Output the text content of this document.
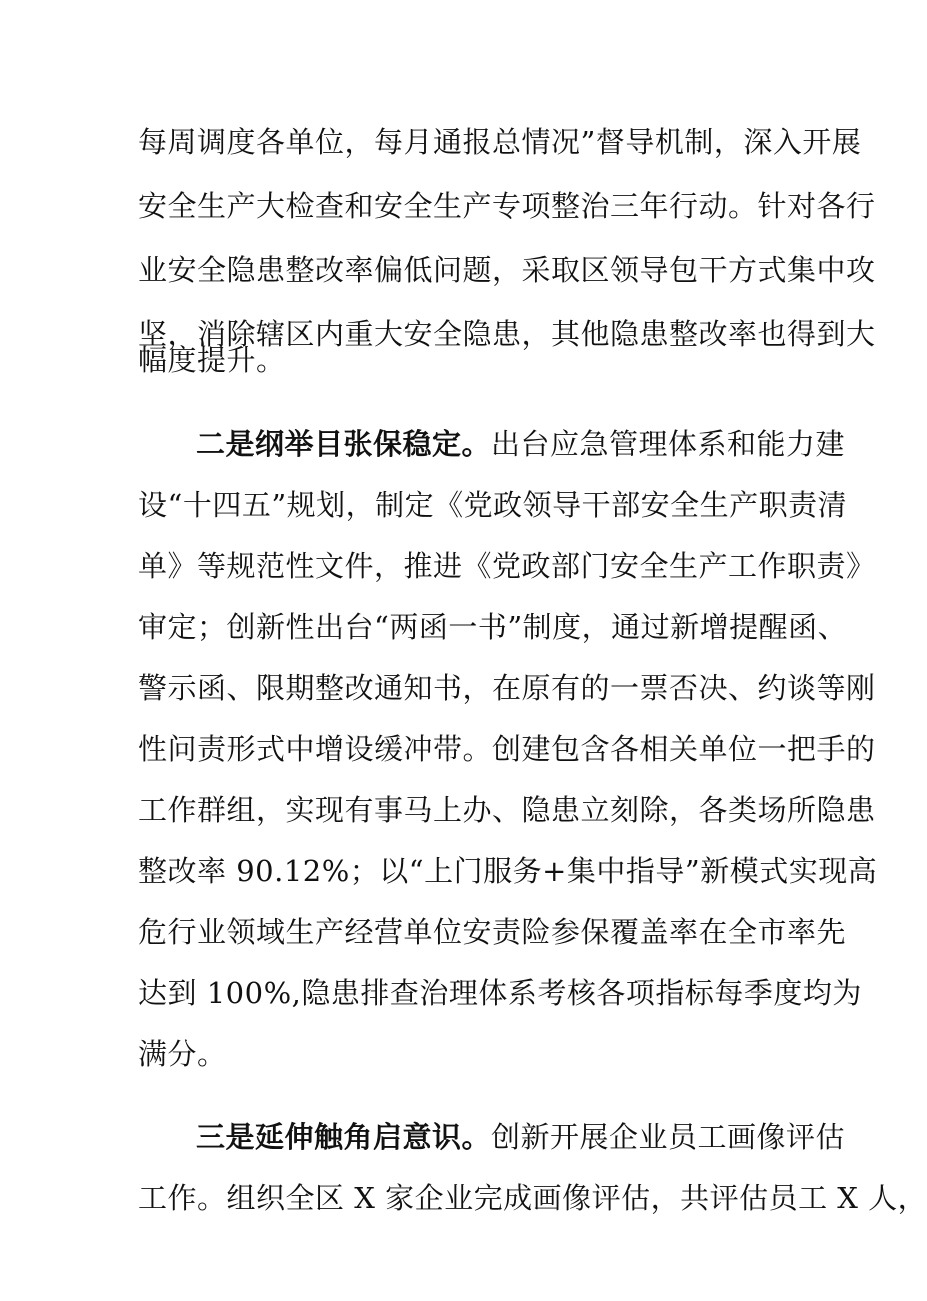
每周调度各单位，每月通报总情况”督导机制，深入开展
安全生产大检查和安全生产专项整治三年行动。针对各行
业安全隐患整改率偏低问题，采取区领导包干方式集中攻
坚，消除辖区内重大安全隐患，其他隐患整改率也得到大
幅度提升。
二是纲举目张保稳定。出台应急管理体系和能力建
设“十四五”规划，制定《党政领导干部安全生产职责清
单》等规范性文件，推进《党政部门安全生产工作职责》
审定；创新性出台“两函一书”制度，通过新增提醒函、
警示函、限期整改通知书，在原有的一票否决、约谈等刚
性问责形式中增设缓冲带。创建包含各相关单位一把手的
工作群组，实现有事马上办、隐患立刻除，各类场所隐患
整改率 90.12%；以“上门服务+集中指导”新模式实现高
危行业领域生产经营单位安责险参保覆盖率在全市率先
达到 100%,隐患排查治理体系考核各项指标每季度均为
满分。
三是延伸触角启意识。创新开展企业员工画像评估
工作。组织全区 X 家企业完成画像评估，共评估员工 X 人，
